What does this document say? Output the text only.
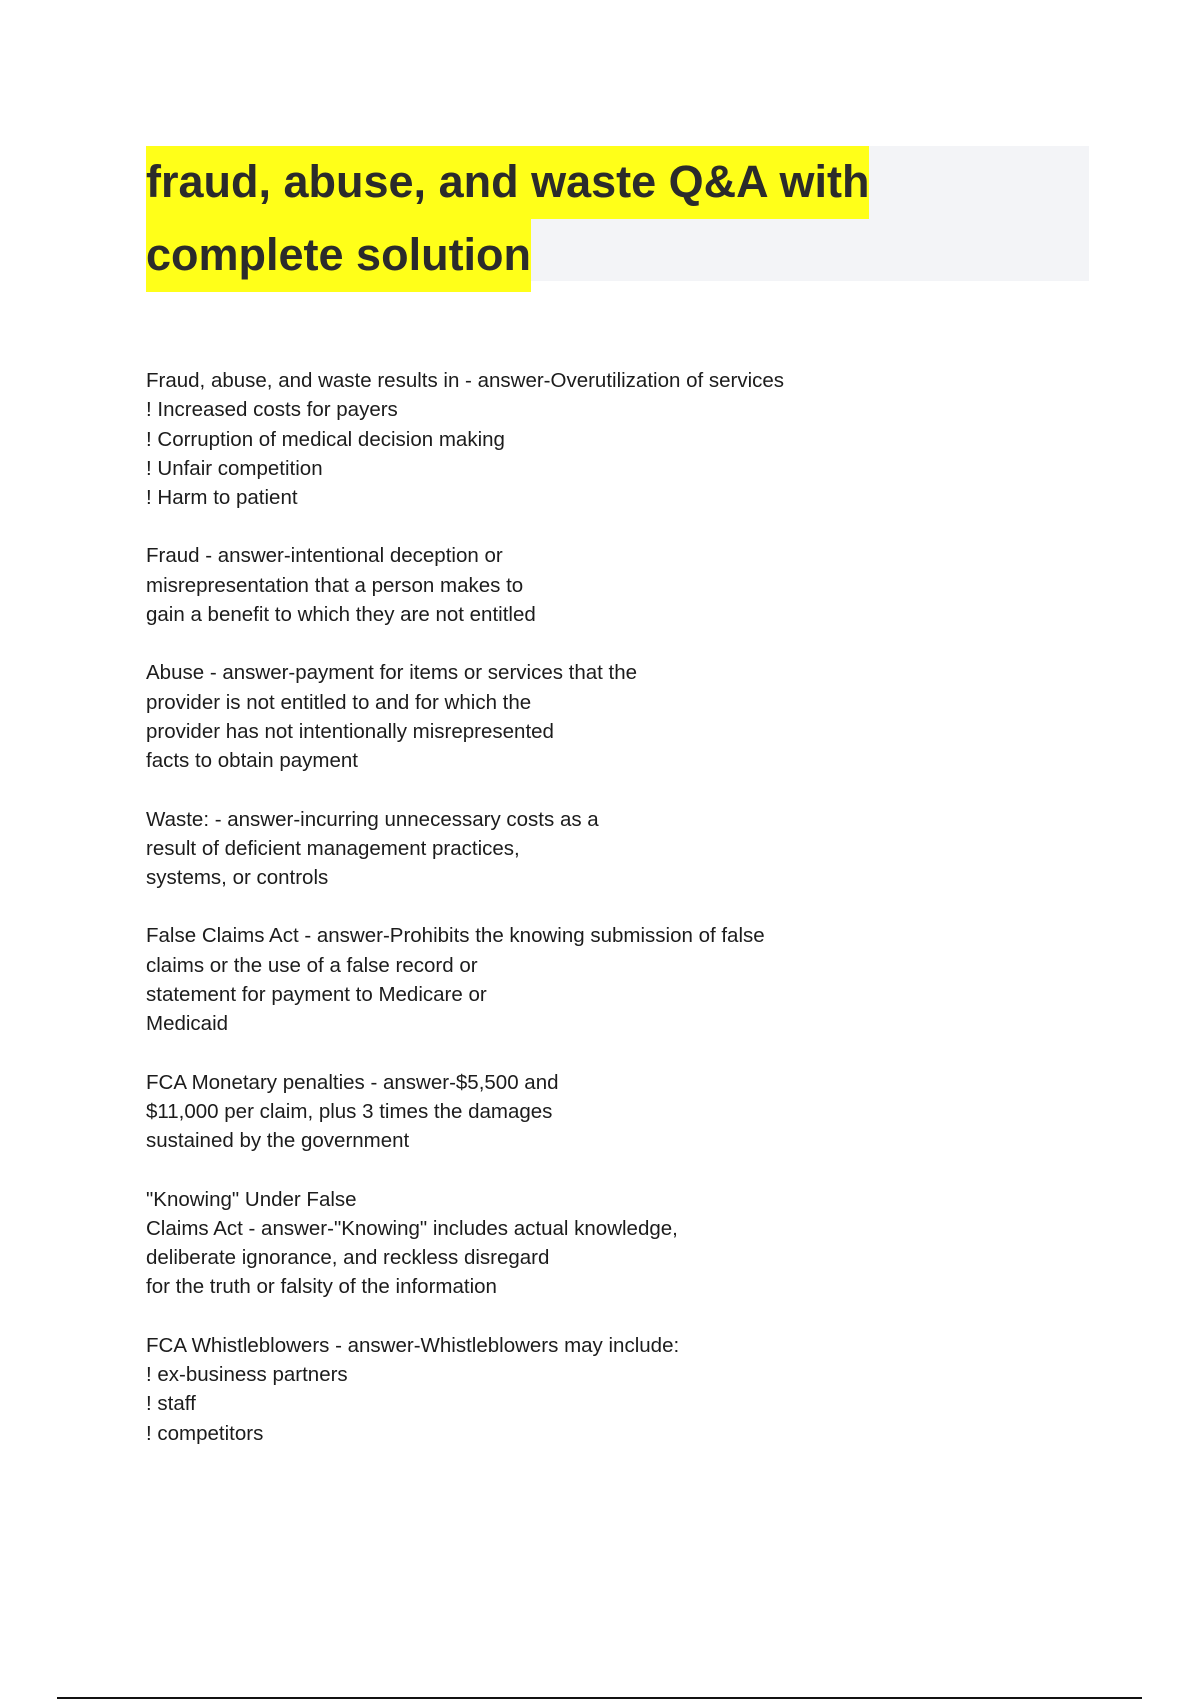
fraud, abuse, and waste Q&A with
complete solution
Fraud, abuse, and waste results in - answer-Overutilization of services
! Increased costs for payers
! Corruption of medical decision making
! Unfair competition
! Harm to patient
Fraud - answer-intentional deception or
misrepresentation that a person makes to
gain a benefit to which they are not entitled
Abuse - answer-payment for items or services that the
provider is not entitled to and for which the
provider has not intentionally misrepresented
facts to obtain payment
Waste: - answer-incurring unnecessary costs as a
result of deficient management practices,
systems, or controls
False Claims Act - answer-Prohibits the knowing submission of false
claims or the use of a false record or
statement for payment to Medicare or
Medicaid
FCA Monetary penalties - answer-$5,500 and
$11,000 per claim, plus 3 times the damages
sustained by the government
"Knowing" Under False
Claims Act - answer-"Knowing" includes actual knowledge,
deliberate ignorance, and reckless disregard
for the truth or falsity of the information
FCA Whistleblowers - answer-Whistleblowers may include:
! ex-business partners
! staff
! competitors
